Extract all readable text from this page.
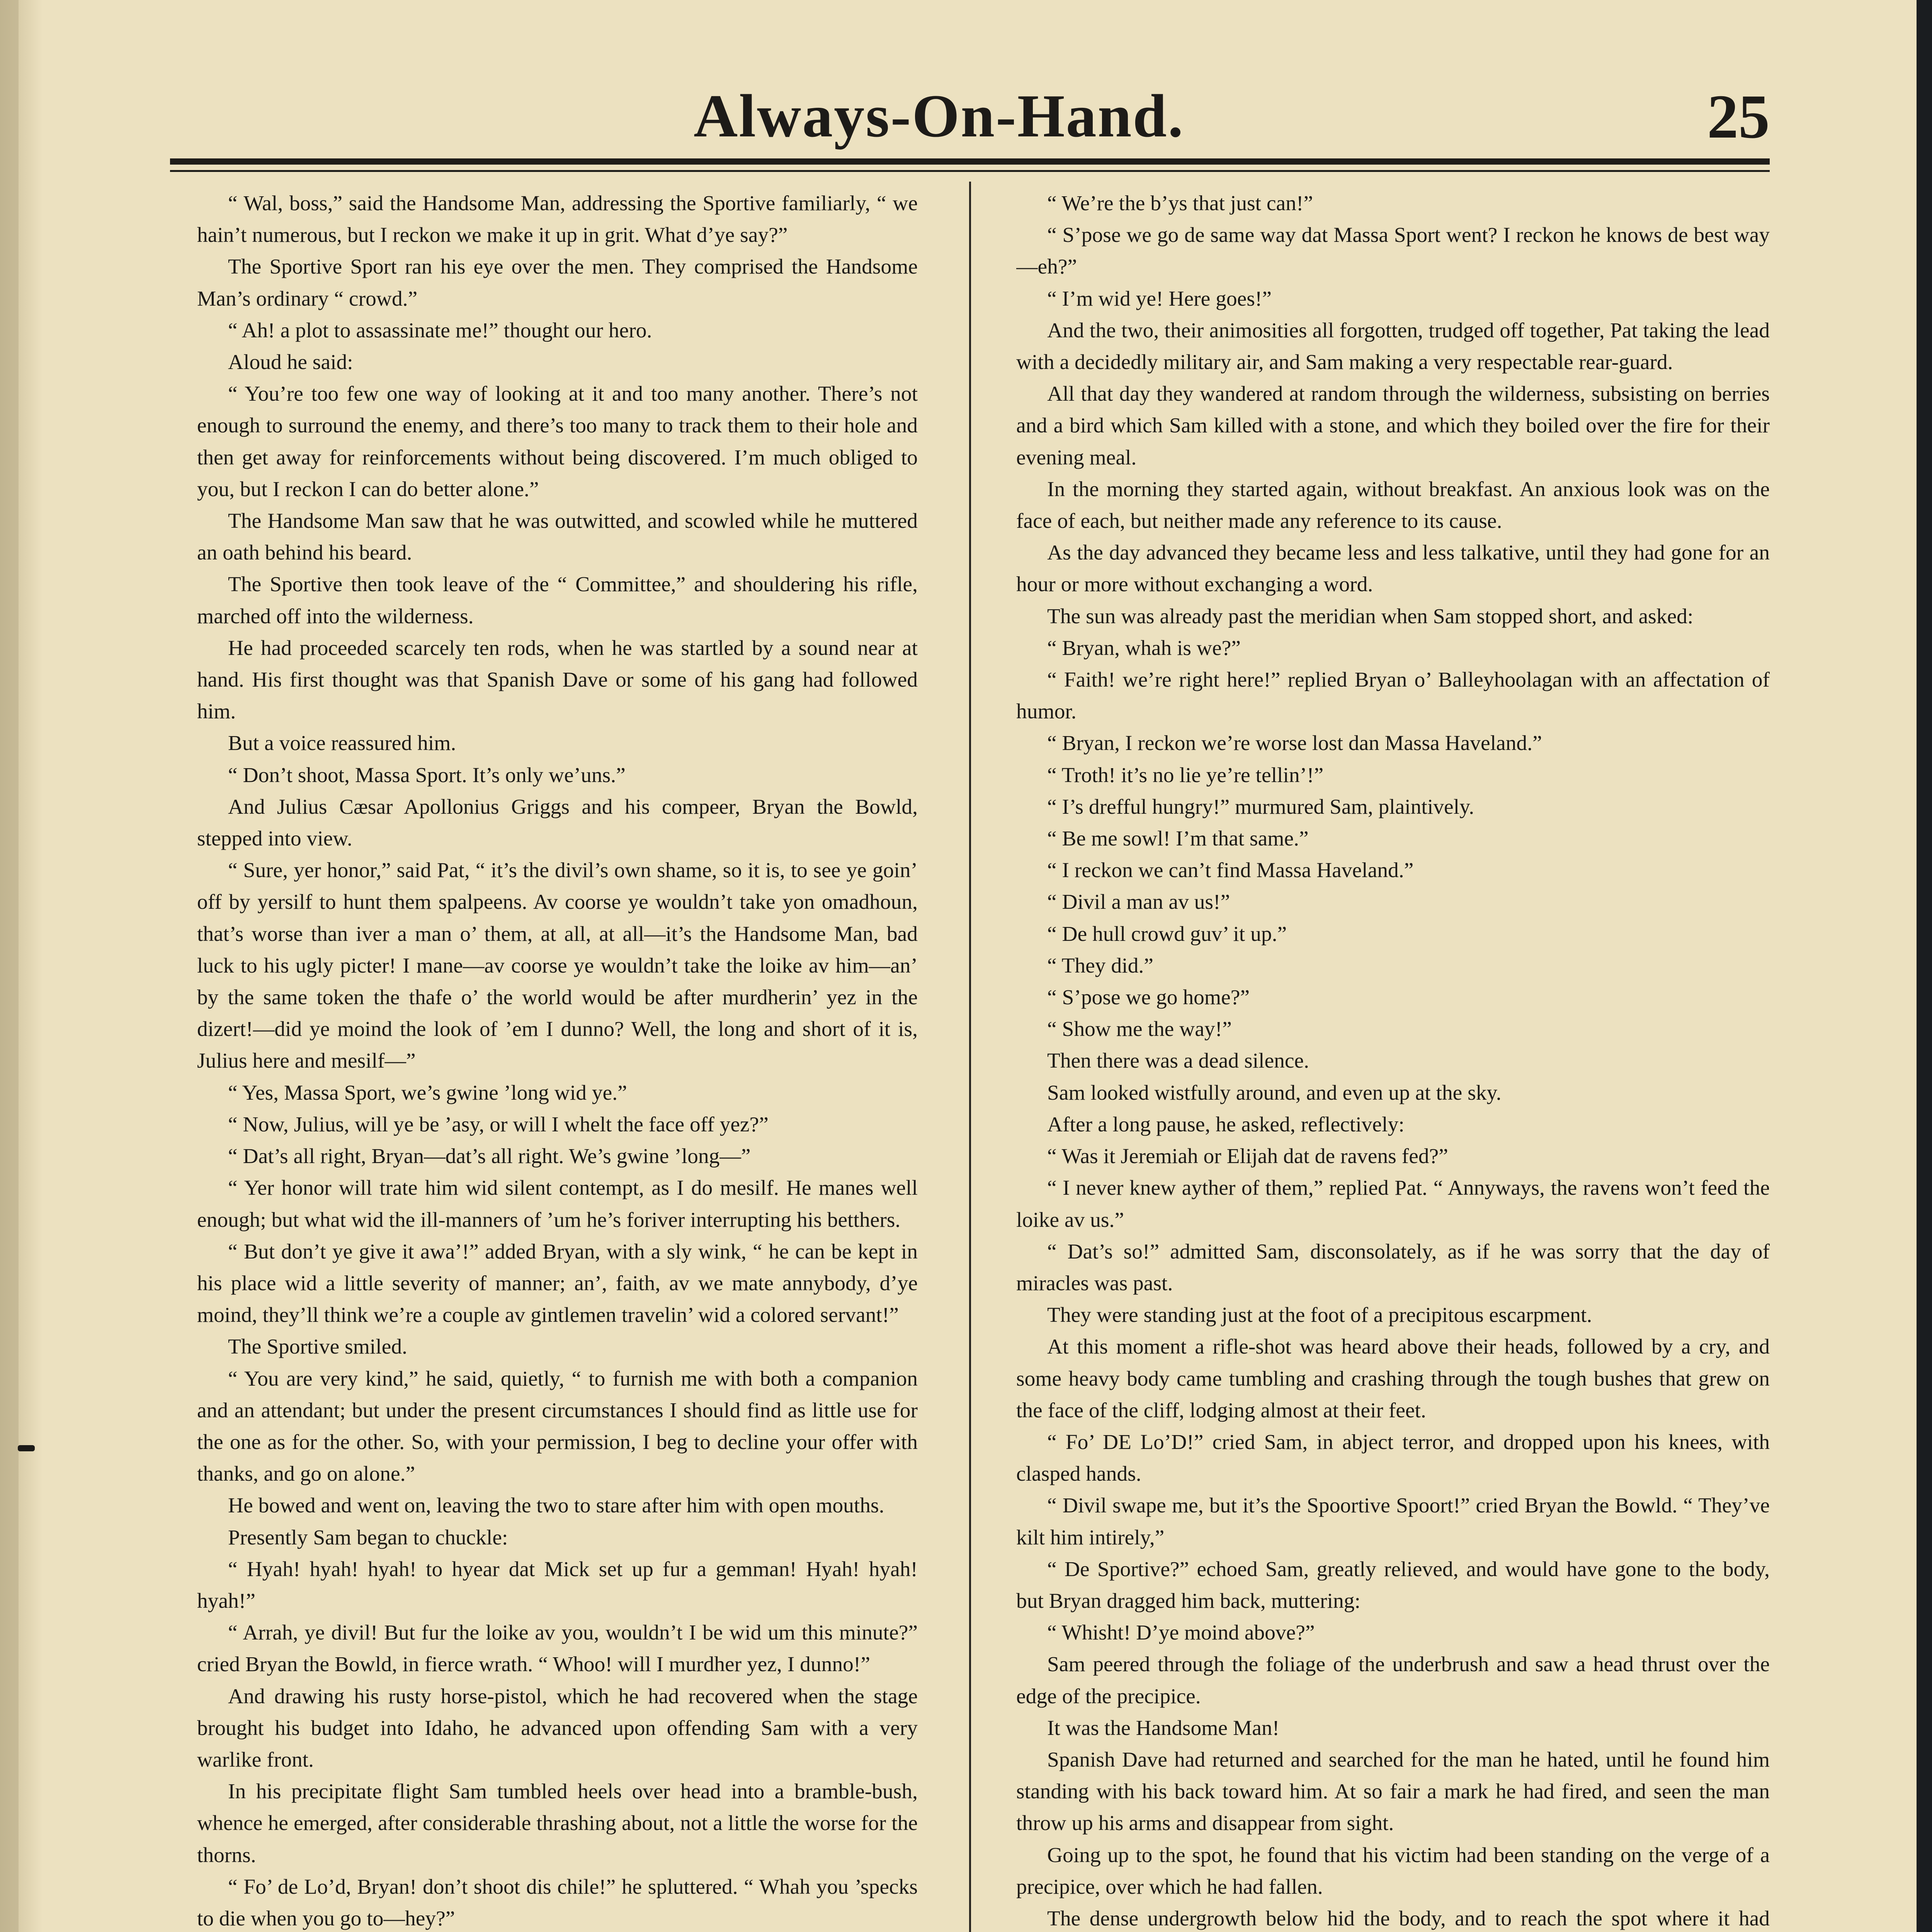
Always-On-Hand.	25

“ Wal, boss,” said the Handsome Man, addressing the Sportive familiarly, “ we hain’t numerous, but I reckon we make it up in grit. What d’ye say?”

The Sportive Sport ran his eye over the men. They comprised the Handsome Man’s ordinary “ crowd.”

“ Ah! a plot to assassinate me!” thought our hero.

Aloud he said:

“ You’re too few one way of looking at it and too many another. There’s not enough to surround the enemy, and there’s too many to track them to their hole and then get away for reinforcements without being discovered. I’m much obliged to you, but I reckon I can do better alone.”

The Handsome Man saw that he was outwitted, and scowled while he muttered an oath behind his beard.

The Sportive then took leave of the “ Committee,” and shouldering his rifle, marched off into the wilderness.

He had proceeded scarcely ten rods, when he was startled by a sound near at hand. His first thought was that Spanish Dave or some of his gang had followed him.

But a voice reassured him.

“ Don’t shoot, Massa Sport. It’s only we’uns.”

And Julius Cæsar Apollonius Griggs and his compeer, Bryan the Bowld, stepped into view.

“ Sure, yer honor,” said Pat, “ it’s the divil’s own shame, so it is, to see ye goin’ off by yersilf to hunt them spalpeens. Av coorse ye wouldn’t take yon omadhoun, that’s worse than iver a man o’ them, at all, at all—it’s the Handsome Man, bad luck to his ugly picter! I mane—av coorse ye wouldn’t take the loike av him—an’ by the same token the thafe o’ the world would be after murdherin’ yez in the dizert!—did ye moind the look of ’em I dunno? Well, the long and short of it is, Julius here and mesilf—”

“ Yes, Massa Sport, we’s gwine ’long wid ye.”

“ Now, Julius, will ye be ’asy, or will I whelt the face off yez?”

“ Dat’s all right, Bryan—dat’s all right. We’s gwine ’long—”

“ Yer honor will trate him wid silent contempt, as I do mesilf. He manes well enough; but what wid the ill-manners of ’um he’s foriver interrupting his betthers.

“ But don’t ye give it awa’!” added Bryan, with a sly wink, “ he can be kept in his place wid a little severity of manner; an’, faith, av we mate annybody, d’ye moind, they’ll think we’re a couple av gintlemen travelin’ wid a colored servant!”

The Sportive smiled.

“ You are very kind,” he said, quietly, “ to furnish me with both a companion and an attendant; but under the present circumstances I should find as little use for the one as for the other. So, with your permission, I beg to decline your offer with thanks, and go on alone.”

He bowed and went on, leaving the two to stare after him with open mouths.

Presently Sam began to chuckle:

“ Hyah! hyah! hyah! to hyear dat Mick set up fur a gemman! Hyah! hyah! hyah!”

“ Arrah, ye divil! But fur the loike av you, wouldn’t I be wid um this minute?” cried Bryan the Bowld, in fierce wrath. “ Whoo! will I murdher yez, I dunno!”

And drawing his rusty horse-pistol, which he had recovered when the stage brought his budget into Idaho, he advanced upon offending Sam with a very warlike front.

In his precipitate flight Sam tumbled heels over head into a bramble-bush, whence he emerged, after considerable thrashing about, not a little the worse for the thorns.

“ Fo’ de Lo’d, Bryan! don’t shoot dis chile!” he spluttered. “ Whah you ’specks to die when you go to—hey?”

“ We’re the b’ys that just can!”

“ S’pose we go de same way dat Massa Sport went? I reckon he knows de best way—eh?”

“ I’m wid ye! Here goes!”

And the two, their animosities all forgotten, trudged off together, Pat taking the lead with a decidedly military air, and Sam making a very respectable rear-guard.

All that day they wandered at random through the wilderness, subsisting on berries and a bird which Sam killed with a stone, and which they boiled over the fire for their evening meal.

In the morning they started again, without breakfast. An anxious look was on the face of each, but neither made any reference to its cause.

As the day advanced they became less and less talkative, until they had gone for an hour or more without exchanging a word.

The sun was already past the meridian when Sam stopped short, and asked:

“ Bryan, whah is we?”

“ Faith! we’re right here!” replied Bryan o’ Balleyhoolagan with an affectation of humor.

“ Bryan, I reckon we’re worse lost dan Massa Haveland.”

“ Troth! it’s no lie ye’re tellin’!”

“ I’s drefful hungry!” murmured Sam, plaintively.

“ Be me sowl! I’m that same.”

“ I reckon we can’t find Massa Haveland.”

“ Divil a man av us!”

“ De hull crowd guv’ it up.”

“ They did.”

“ S’pose we go home?”

“ Show me the way!”

Then there was a dead silence.

Sam looked wistfully around, and even up at the sky.

After a long pause, he asked, reflectively:

“ Was it Jeremiah or Elijah dat de ravens fed?”

“ I never knew ayther of them,” replied Pat. “ Annyways, the ravens won’t feed the loike av us.”

“ Dat’s so!” admitted Sam, disconsolately, as if he was sorry that the day of miracles was past.

They were standing just at the foot of a precipitous escarpment.

At this moment a rifle-shot was heard above their heads, followed by a cry, and some heavy body came tumbling and crashing through the tough bushes that grew on the face of the cliff, lodging almost at their feet.

“ Fo’ DE Lo’D!” cried Sam, in abject terror, and dropped upon his knees, with clasped hands.

“ Divil swape me, but it’s the Spoortive Spoort!” cried Bryan the Bowld. “ They’ve kilt him intirely,”

“ De Sportive?” echoed Sam, greatly relieved, and would have gone to the body, but Bryan dragged him back, muttering:

“ Whisht! D’ye moind above?”

Sam peered through the foliage of the underbrush and saw a head thrust over the edge of the precipice.

It was the Handsome Man!

Spanish Dave had returned and searched for the man he hated, until he found him standing with his back toward him. At so fair a mark he had fired, and seen the man throw up his arms and disappear from sight.

Going up to the spot, he found that his victim had been standing on the verge of a precipice, over which he had fallen.

The dense undergrowth below hid the body, and to reach the spot where it had
